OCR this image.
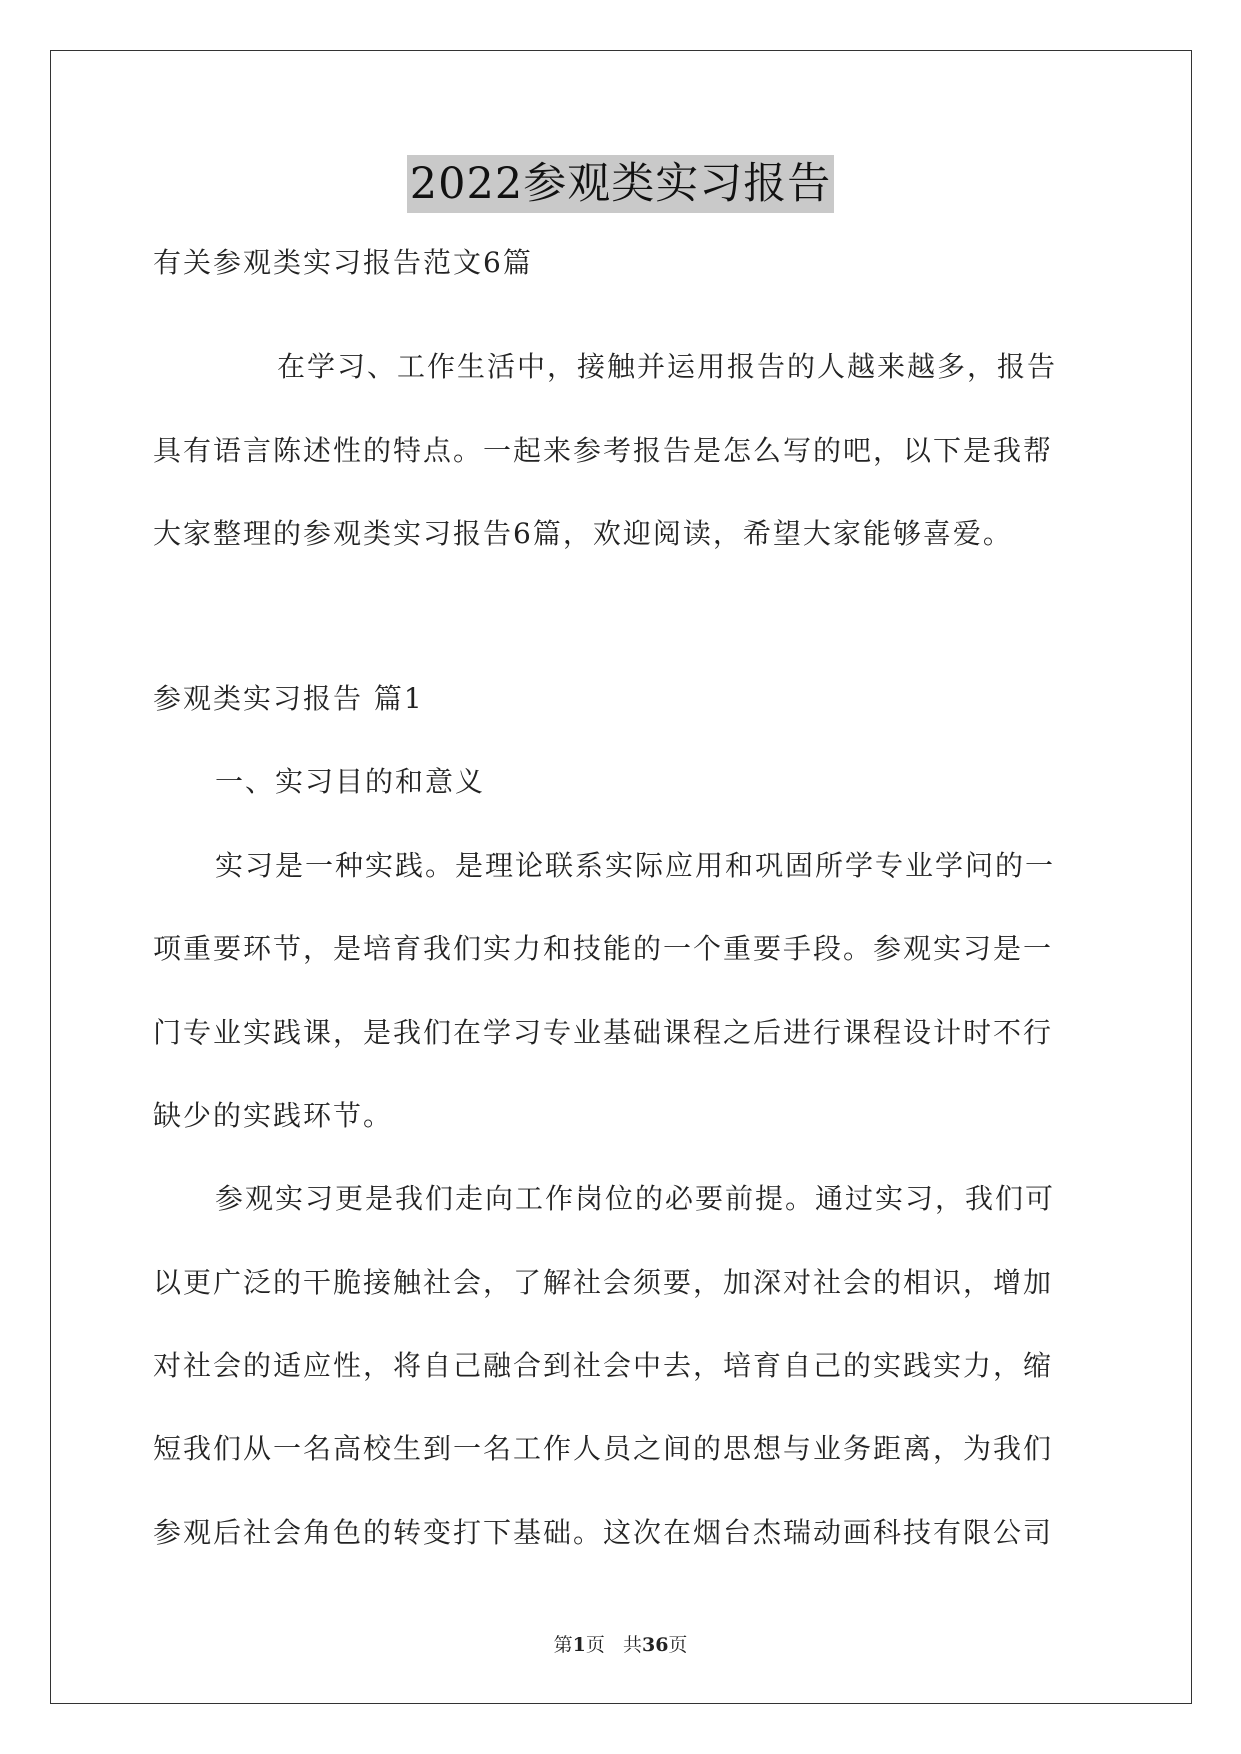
2022参观类实习报告
有关参观类实习报告范文6篇
在学习、工作生活中，接触并运用报告的人越来越多，报告
具有语言陈述性的特点。一起来参考报告是怎么写的吧，以下是我帮
大家整理的参观类实习报告6篇，欢迎阅读，希望大家能够喜爱。
参观类实习报告 篇1
一、实习目的和意义
实习是一种实践。是理论联系实际应用和巩固所学专业学问的一
项重要环节，是培育我们实力和技能的一个重要手段。参观实习是一
门专业实践课，是我们在学习专业基础课程之后进行课程设计时不行
缺少的实践环节。
参观实习更是我们走向工作岗位的必要前提。通过实习，我们可
以更广泛的干脆接触社会，了解社会须要，加深对社会的相识，增加
对社会的适应性，将自己融合到社会中去，培育自己的实践实力，缩
短我们从一名高校生到一名工作人员之间的思想与业务距离，为我们
参观后社会角色的转变打下基础。这次在烟台杰瑞动画科技有限公司
第1页 共36页
